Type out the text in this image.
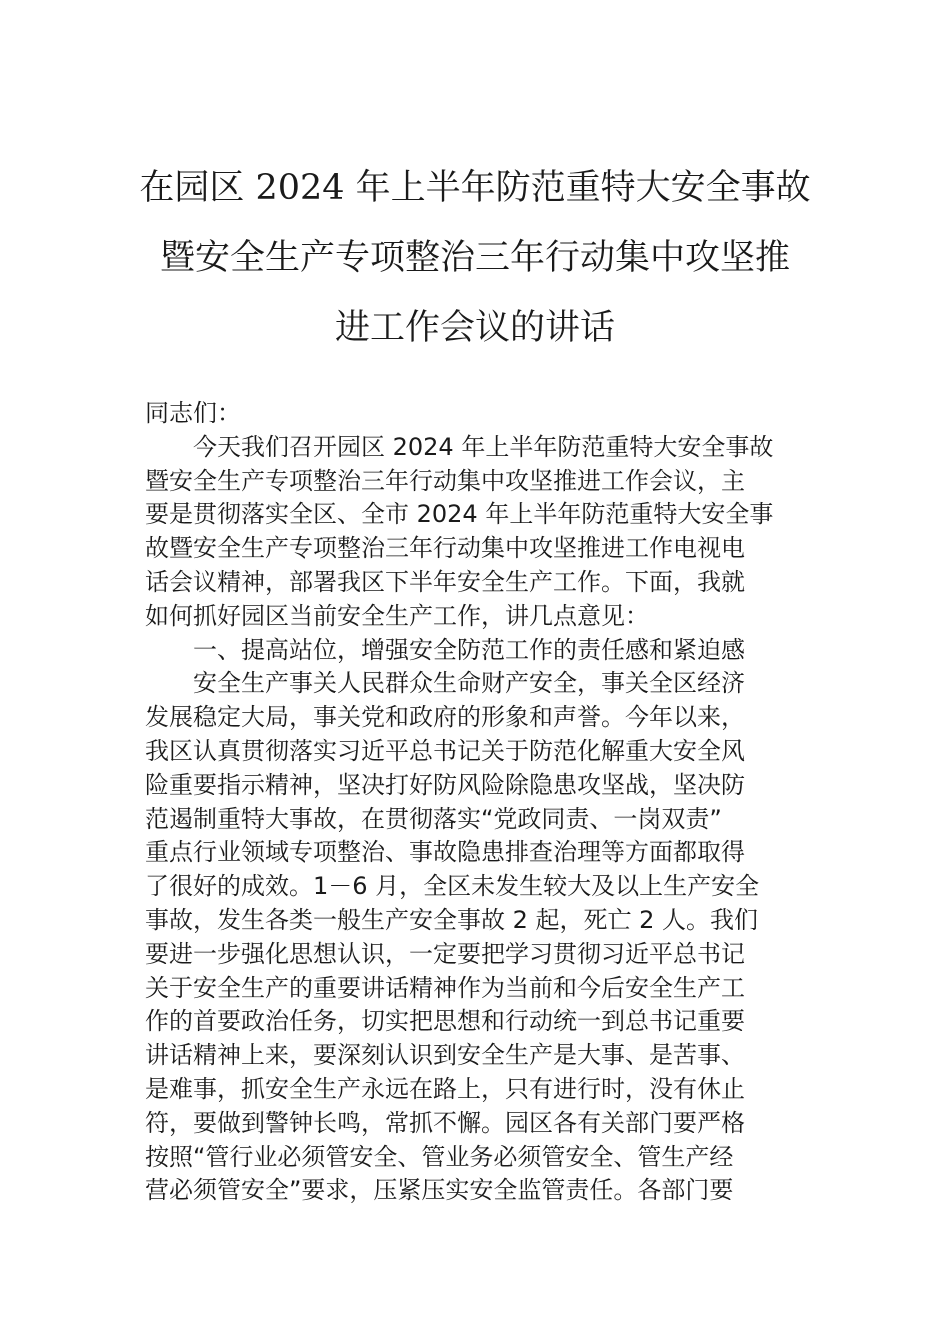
在园区 2024 年上半年防范重特大安全事故
暨安全生产专项整治三年行动集中攻坚推
进工作会议的讲话
同志们：
今天我们召开园区 2024 年上半年防范重特大安全事故
暨安全生产专项整治三年行动集中攻坚推进工作会议，主
要是贯彻落实全区、全市 2024 年上半年防范重特大安全事
故暨安全生产专项整治三年行动集中攻坚推进工作电视电
话会议精神，部署我区下半年安全生产工作。下面，我就
如何抓好园区当前安全生产工作，讲几点意见：
一、提高站位，增强安全防范工作的责任感和紧迫感
安全生产事关人民群众生命财产安全，事关全区经济
发展稳定大局，事关党和政府的形象和声誉。今年以来，
我区认真贯彻落实习近平总书记关于防范化解重大安全风
险重要指示精神，坚决打好防风险除隐患攻坚战，坚决防
范遏制重特大事故，在贯彻落实“党政同责、一岗双责”
重点行业领域专项整治、事故隐患排查治理等方面都取得
了很好的成效。1－6 月，全区未发生较大及以上生产安全
事故，发生各类一般生产安全事故 2 起，死亡 2 人。我们
要进一步强化思想认识，一定要把学习贯彻习近平总书记
关于安全生产的重要讲话精神作为当前和今后安全生产工
作的首要政治任务，切实把思想和行动统一到总书记重要
讲话精神上来，要深刻认识到安全生产是大事、是苦事、
是难事，抓安全生产永远在路上，只有进行时，没有休止
符，要做到警钟长鸣，常抓不懈。园区各有关部门要严格
按照“管行业必须管安全、管业务必须管安全、管生产经
营必须管安全”要求，压紧压实安全监管责任。各部门要
